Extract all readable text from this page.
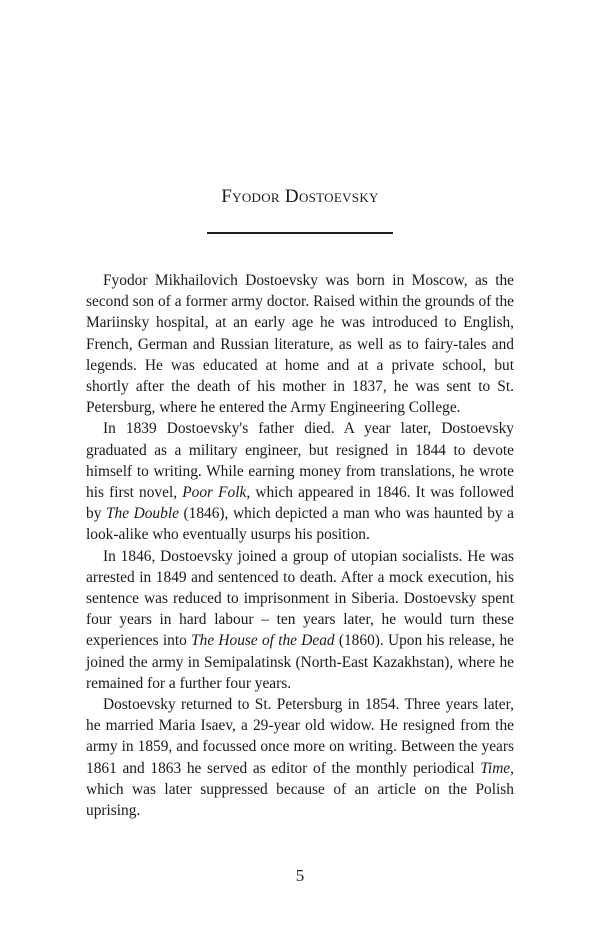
Fyodor Dostoevsky

Fyodor Mikhailovich Dostoevsky was born in Moscow, as the second son of a former army doctor. Raised within the grounds of the Mariinsky hospital, at an early age he was introduced to English, French, German and Russian literature, as well as to fairy-tales and legends. He was educated at home and at a private school, but shortly after the death of his mother in 1837, he was sent to St. Petersburg, where he entered the Army Engineering College.

In 1839 Dostoevsky's father died. A year later, Dostoevsky graduated as a military engineer, but resigned in 1844 to devote himself to writing. While earning money from translations, he wrote his first novel, Poor Folk, which appeared in 1846. It was followed by The Double (1846), which depicted a man who was haunted by a look-alike who eventually usurps his position.

In 1846, Dostoevsky joined a group of utopian socialists. He was arrested in 1849 and sentenced to death. After a mock execution, his sentence was reduced to imprisonment in Siberia. Dostoevsky spent four years in hard labour – ten years later, he would turn these experiences into The House of the Dead (1860). Upon his release, he joined the army in Semipalatinsk (North-East Kazakhstan), where he remained for a further four years.

Dostoevsky returned to St. Petersburg in 1854. Three years later, he married Maria Isaev, a 29-year old widow. He resigned from the army in 1859, and focussed once more on writing. Between the years 1861 and 1863 he served as editor of the monthly periodical Time, which was later suppressed because of an article on the Polish uprising.

5
